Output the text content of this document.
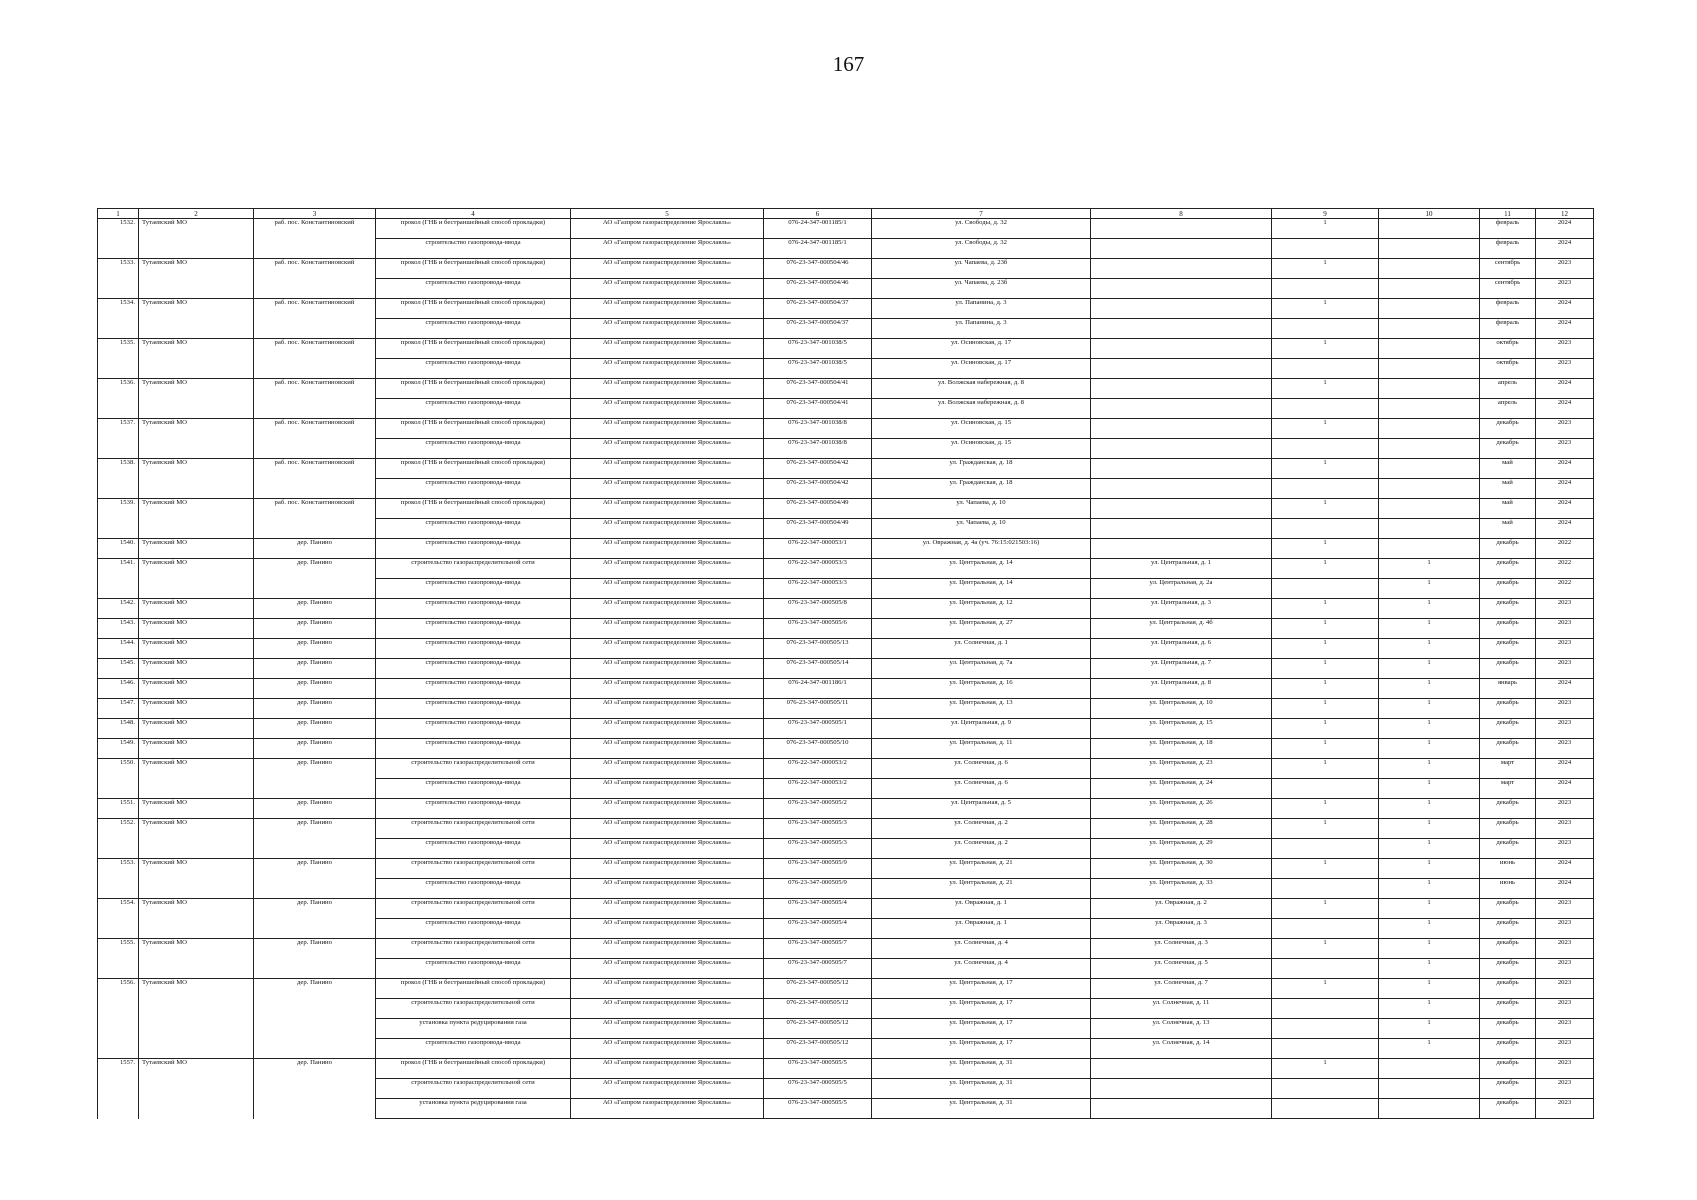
167
1	2	3	4	5	6	7	8	9	10	11	12
1532.	Тутаевский МО	раб. пос. Константиновский	прокол (ГНБ и бестраншейный способ прокладки)	АО «Газпром газораспределение Ярославль»	076-24-347-001185/1	ул. Свободы, д. 32		1		февраль	2024
			строительство газопровода-ввода	АО «Газпром газораспределение Ярославль»	076-24-347-001185/1	ул. Свободы, д. 32				февраль	2024
1533.	Тутаевский МО	раб. пос. Константиновский	прокол (ГНБ и бестраншейный способ прокладки)	АО «Газпром газораспределение Ярославль»	076-23-347-000504/46	ул. Чапаева, д. 23б		1		сентябрь	2023
			строительство газопровода-ввода	АО «Газпром газораспределение Ярославль»	076-23-347-000504/46	ул. Чапаева, д. 23б				сентябрь	2023
1534.	Тутаевский МО	раб. пос. Константиновский	прокол (ГНБ и бестраншейный способ прокладки)	АО «Газпром газораспределение Ярославль»	076-23-347-000504/37	ул. Папанина, д. 3		1		февраль	2024
			строительство газопровода-ввода	АО «Газпром газораспределение Ярославль»	076-23-347-000504/37	ул. Папанина, д. 3				февраль	2024
1535.	Тутаевский МО	раб. пос. Константиновский	прокол (ГНБ и бестраншейный способ прокладки)	АО «Газпром газораспределение Ярославль»	076-23-347-001038/5	ул. Осиновская, д. 17		1		октябрь	2023
			строительство газопровода-ввода	АО «Газпром газораспределение Ярославль»	076-23-347-001038/5	ул. Осиновская, д. 17				октябрь	2023
1536.	Тутаевский МО	раб. пос. Константиновский	прокол (ГНБ и бестраншейный способ прокладки)	АО «Газпром газораспределение Ярославль»	076-23-347-000504/41	ул. Волжская набережная, д. 8		1		апрель	2024
			строительство газопровода-ввода	АО «Газпром газораспределение Ярославль»	076-23-347-000504/41	ул. Волжская набережная, д. 8				апрель	2024
1537.	Тутаевский МО	раб. пос. Константиновский	прокол (ГНБ и бестраншейный способ прокладки)	АО «Газпром газораспределение Ярославль»	076-23-347-001038/8	ул. Осиновская, д. 15		1		декабрь	2023
			строительство газопровода-ввода	АО «Газпром газораспределение Ярославль»	076-23-347-001038/8	ул. Осиновская, д. 15				декабрь	2023
1538.	Тутаевский МО	раб. пос. Константиновский	прокол (ГНБ и бестраншейный способ прокладки)	АО «Газпром газораспределение Ярославль»	076-23-347-000504/42	ул. Гражданская, д. 18		1		май	2024
			строительство газопровода-ввода	АО «Газпром газораспределение Ярославль»	076-23-347-000504/42	ул. Гражданская, д. 18				май	2024
1539.	Тутаевский МО	раб. пос. Константиновский	прокол (ГНБ и бестраншейный способ прокладки)	АО «Газпром газораспределение Ярославль»	076-23-347-000504/49	ул. Чапаева, д. 10		1		май	2024
			строительство газопровода-ввода	АО «Газпром газораспределение Ярославль»	076-23-347-000504/49	ул. Чапаева, д. 10				май	2024
1540.	Тутаевский МО	дер. Панино	строительство газопровода-ввода	АО «Газпром газораспределение Ярославль»	076-22-347-000053/1	ул. Овражная, д. 4а (уч. 76:15:021503:16)		1		декабрь	2022
1541.	Тутаевский МО	дер. Панино	строительство газораспределительной сети	АО «Газпром газораспределение Ярославль»	076-22-347-000053/3	ул. Центральная, д. 14	ул. Центральная, д. 1	1	1	декабрь	2022
			строительство газопровода-ввода	АО «Газпром газораспределение Ярославль»	076-22-347-000053/3	ул. Центральная, д. 14	ул. Центральная, д. 2а		1	декабрь	2022
1542.	Тутаевский МО	дер. Панино	строительство газопровода-ввода	АО «Газпром газораспределение Ярославль»	076-23-347-000505/8	ул. Центральная, д. 12	ул. Центральная, д. 3	1	1	декабрь	2023
1543.	Тутаевский МО	дер. Панино	строительство газопровода-ввода	АО «Газпром газораспределение Ярославль»	076-23-347-000505/6	ул. Центральная, д. 27	ул. Центральная, д. 4б	1	1	декабрь	2023
1544.	Тутаевский МО	дер. Панино	строительство газопровода-ввода	АО «Газпром газораспределение Ярославль»	076-23-347-000505/13	ул. Солнечная, д. 1	ул. Центральная, д. 6	1	1	декабрь	2023
1545.	Тутаевский МО	дер. Панино	строительство газопровода-ввода	АО «Газпром газораспределение Ярославль»	076-23-347-000505/14	ул. Центральная, д. 7а	ул. Центральная, д. 7	1	1	декабрь	2023
1546.	Тутаевский МО	дер. Панино	строительство газопровода-ввода	АО «Газпром газораспределение Ярославль»	076-24-347-001186/1	ул. Центральная, д. 16	ул. Центральная, д. 8	1	1	январь	2024
1547.	Тутаевский МО	дер. Панино	строительство газопровода-ввода	АО «Газпром газораспределение Ярославль»	076-23-347-000505/11	ул. Центральная, д. 13	ул. Центральная, д. 10	1	1	декабрь	2023
1548.	Тутаевский МО	дер. Панино	строительство газопровода-ввода	АО «Газпром газораспределение Ярославль»	076-23-347-000505/1	ул. Центральная, д. 9	ул. Центральная, д. 15	1	1	декабрь	2023
1549.	Тутаевский МО	дер. Панино	строительство газопровода-ввода	АО «Газпром газораспределение Ярославль»	076-23-347-000505/10	ул. Центральная, д. 11	ул. Центральная, д. 18	1	1	декабрь	2023
1550.	Тутаевский МО	дер. Панино	строительство газораспределительной сети	АО «Газпром газораспределение Ярославль»	076-22-347-000053/2	ул. Солнечная, д. 6	ул. Центральная, д. 23	1	1	март	2024
			строительство газопровода-ввода	АО «Газпром газораспределение Ярославль»	076-22-347-000053/2	ул. Солнечная, д. 6	ул. Центральная, д. 24		1	март	2024
1551.	Тутаевский МО	дер. Панино	строительство газопровода-ввода	АО «Газпром газораспределение Ярославль»	076-23-347-000505/2	ул. Центральная, д. 5	ул. Центральная, д. 26	1	1	декабрь	2023
1552.	Тутаевский МО	дер. Панино	строительство газораспределительной сети	АО «Газпром газораспределение Ярославль»	076-23-347-000505/3	ул. Солнечная, д. 2	ул. Центральная, д. 28	1	1	декабрь	2023
			строительство газопровода-ввода	АО «Газпром газораспределение Ярославль»	076-23-347-000505/3	ул. Солнечная, д. 2	ул. Центральная, д. 29		1	декабрь	2023
1553.	Тутаевский МО	дер. Панино	строительство газораспределительной сети	АО «Газпром газораспределение Ярославль»	076-23-347-000505/9	ул. Центральная, д. 21	ул. Центральная, д. 30	1	1	июнь	2024
			строительство газопровода-ввода	АО «Газпром газораспределение Ярославль»	076-23-347-000505/9	ул. Центральная, д. 21	ул. Центральная, д. 33		1	июнь	2024
1554.	Тутаевский МО	дер. Панино	строительство газораспределительной сети	АО «Газпром газораспределение Ярославль»	076-23-347-000505/4	ул. Овражная, д. 1	ул. Овражная, д. 2	1	1	декабрь	2023
			строительство газопровода-ввода	АО «Газпром газораспределение Ярославль»	076-23-347-000505/4	ул. Овражная, д. 1	ул. Овражная, д. 3		1	декабрь	2023
1555.	Тутаевский МО	дер. Панино	строительство газораспределительной сети	АО «Газпром газораспределение Ярославль»	076-23-347-000505/7	ул. Солнечная, д. 4	ул. Солнечная, д. 3	1	1	декабрь	2023
			строительство газопровода-ввода	АО «Газпром газораспределение Ярославль»	076-23-347-000505/7	ул. Солнечная, д. 4	ул. Солнечная, д. 5		1	декабрь	2023
1556.	Тутаевский МО	дер. Панино	прокол (ГНБ и бестраншейный способ прокладки)	АО «Газпром газораспределение Ярославль»	076-23-347-000505/12	ул. Центральная, д. 17	ул. Солнечная, д. 7	1	1	декабрь	2023
			строительство газораспределительной сети	АО «Газпром газораспределение Ярославль»	076-23-347-000505/12	ул. Центральная, д. 17	ул. Солнечная, д. 11		1	декабрь	2023
			установка пункта редуцирования газа	АО «Газпром газораспределение Ярославль»	076-23-347-000505/12	ул. Центральная, д. 17	ул. Солнечная, д. 13		1	декабрь	2023
			строительство газопровода-ввода	АО «Газпром газораспределение Ярославль»	076-23-347-000505/12	ул. Центральная, д. 17	ул. Солнечная, д. 14		1	декабрь	2023
1557.	Тутаевский МО	дер. Панино	прокол (ГНБ и бестраншейный способ прокладки)	АО «Газпром газораспределение Ярославль»	076-23-347-000505/5	ул. Центральная, д. 31		1		декабрь	2023
			строительство газораспределительной сети	АО «Газпром газораспределение Ярославль»	076-23-347-000505/5	ул. Центральная, д. 31				декабрь	2023
			установка пункта редуцирования газа	АО «Газпром газораспределение Ярославль»	076-23-347-000505/5	ул. Центральная, д. 31				декабрь	2023
